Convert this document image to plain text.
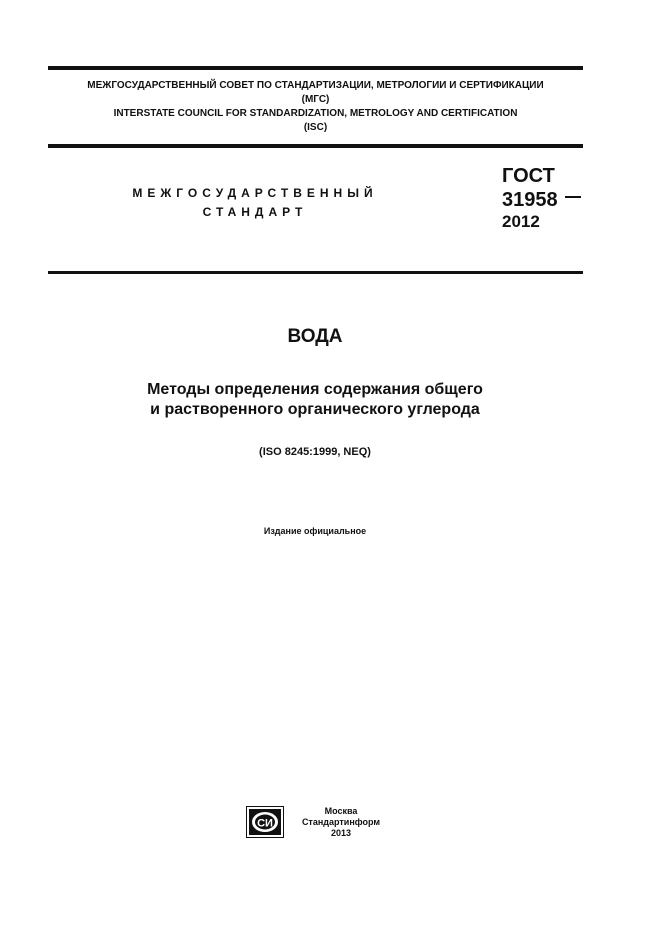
МЕЖГОСУДАРСТВЕННЫЙ СОВЕТ ПО СТАНДАРТИЗАЦИИ, МЕТРОЛОГИИ И СЕРТИФИКАЦИИ
(МГС)
INTERSTATE COUNCIL FOR STANDARDIZATION, METROLOGY AND CERTIFICATION
(ISC)
МЕЖГОСУДАРСТВЕННЫЙ
СТАНДАРТ
ГОСТ
31958
2012
ВОДА
Методы определения содержания общего
и растворенного органического углерода
(ISO 8245:1999, NEQ)
Издание официальное
СИ
Москва
Стандартинформ
2013
